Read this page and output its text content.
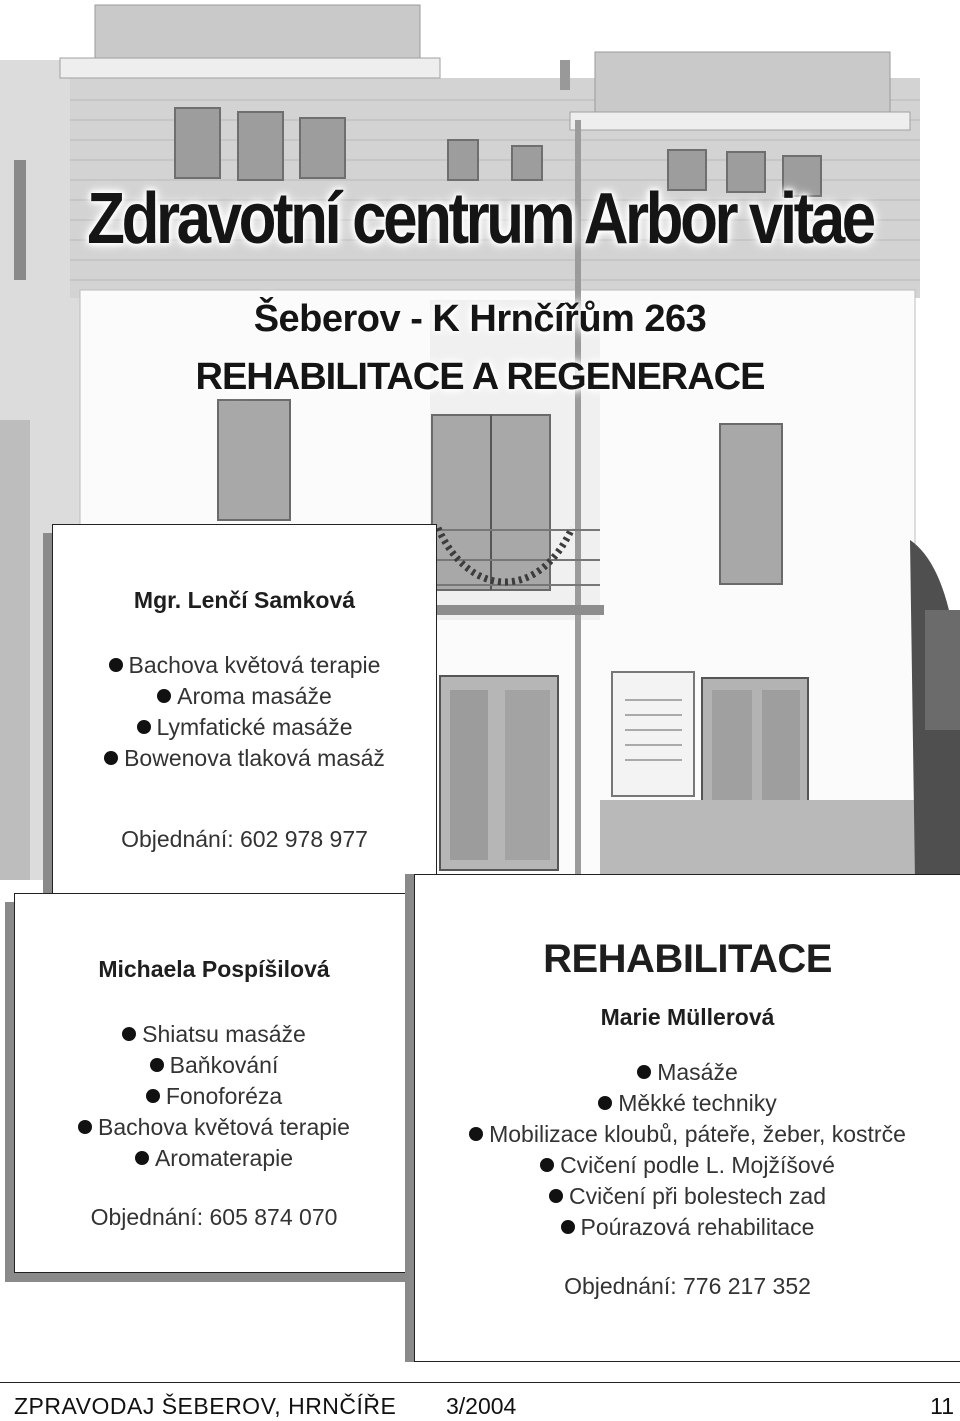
Zdravotní centrum Arbor vitae
Šeberov - K Hrnčířům 263
REHABILITACE A REGENERACE
Mgr. Lenčí Samková
Bachova květová terapie
Aroma masáže
Lymfatické masáže
Bowenova tlaková masáž
Objednání: 602 978 977
Michaela Pospíšilová
Shiatsu masáže
Baňkování
Fonoforéza
Bachova květová terapie
Aromaterapie
Objednání: 605 874 070
REHABILITACE
Marie Müllerová
Masáže
Měkké techniky
Mobilizace kloubů, páteře, žeber, kostrče
Cvičení podle L. Mojžíšové
Cvičení při bolestech zad
Poúrazová rehabilitace
Objednání: 776 217 352
ZPRAVODAJ ŠEBEROV, HRNČÍŘE 3/2004	11
